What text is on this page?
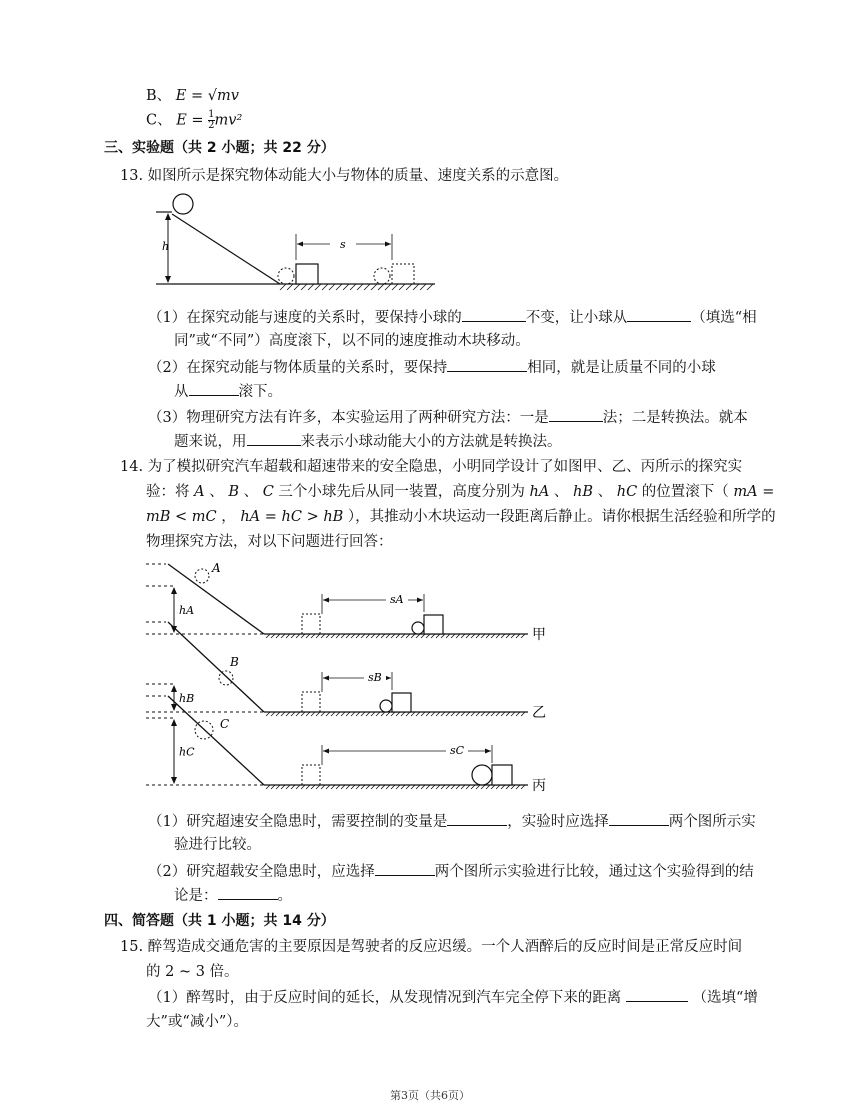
B、 E = √mv
C、 $E = \frac{1}{2} mv^2$
三、实验题（共 2 小题；共 22 分）
13. 如图所示是探究物体动能大小与物体的质量、速度关系的示意图。
h	s
（1）在探究动能与速度的关系时，要保持小球的	不变，让小球从	（填选“相
同”或“不同”）高度滚下，以不同的速度推动木块移动。
（2）在探究动能与物体质量的关系时，要保持	相同，就是让质量不同的小球
从	滚下。
（3）物理研究方法有许多，本实验运用了两种研究方法：一是	法；二是转换法。就本
题来说，用	来表示小球动能大小的方法就是转换法。
14. 为了模拟研究汽车超载和超速带来的安全隐患，小明同学设计了如图甲、乙、丙所示的探究实
验：将 A 、 B 、 C 三个小球先后从同一装置，高度分别为 hA 、 hB 、 hC 的位置滚下（ mA =
mB < mC ， hA = hC > hB ），其推动小木块运动一段距离后静止。请你根据生活经验和所学的
物理探究方法，对以下问题进行回答：
hA
A
sA
甲
hB
B
sB
乙
hC
C
sC
丙
（1）研究超速安全隐患时，需要控制的变量是	，实验时应选择	两个图所示实
验进行比较。
（2）研究超载安全隐患时，应选择	两个图所示实验进行比较，通过这个实验得到的结
论是：	。
四、简答题（共 1 小题；共 14 分）
15. 醉驾造成交通危害的主要原因是驾驶者的反应迟缓。一个人酒醉后的反应时间是正常反应时间
的 2 ~ 3 倍。
（1）醉驾时，由于反应时间的延长，从发现情况到汽车完全停下来的距离	（选填“增
大”或“减小”）。
第3页（共6页）
